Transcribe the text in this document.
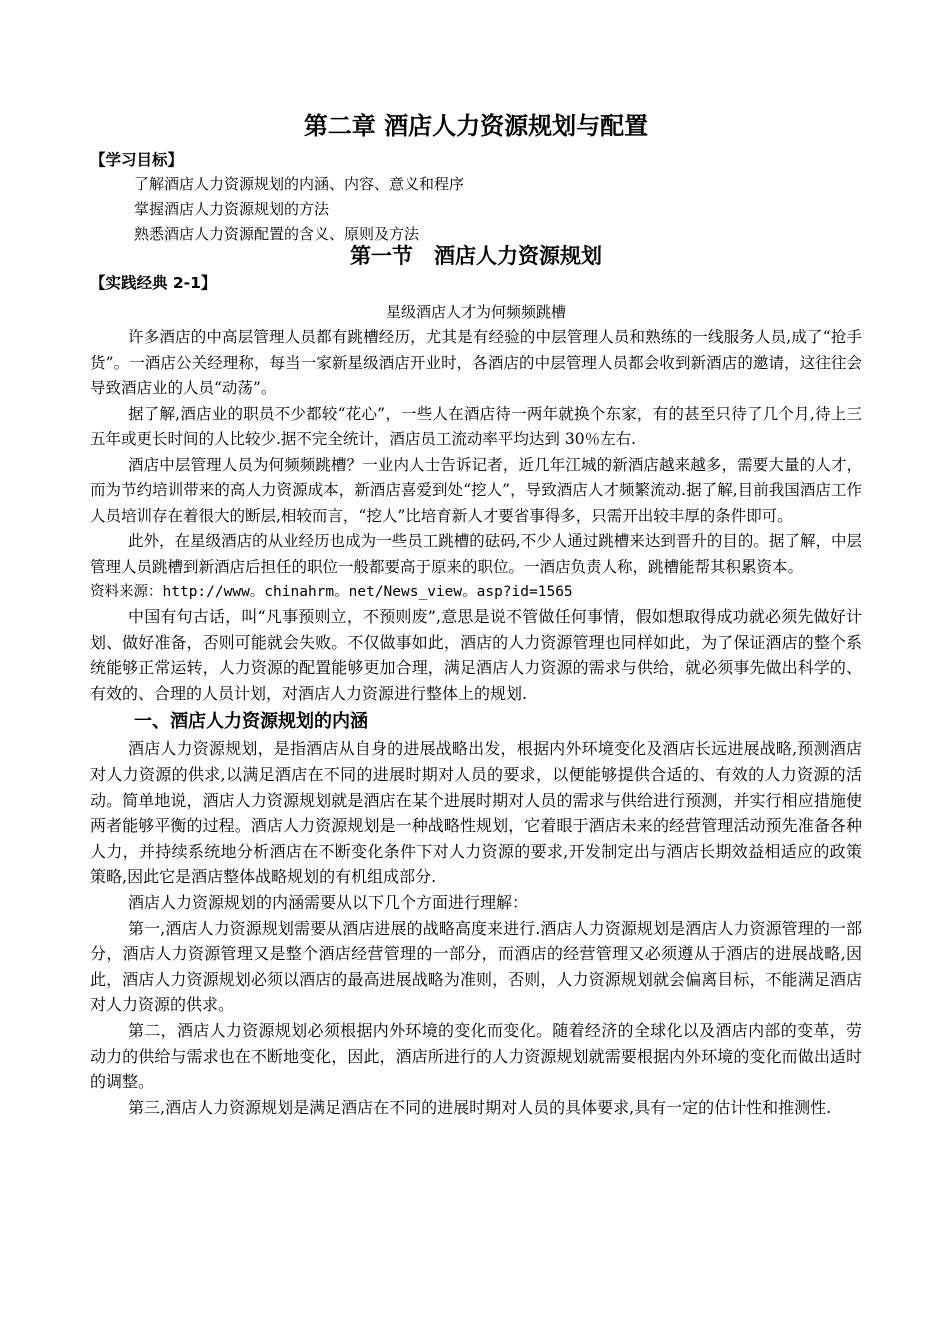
第二章 酒店人力资源规划与配置

【学习目标】

了解酒店人力资源规划的内涵、内容、意义和程序

掌握酒店人力资源规划的方法

熟悉酒店人力资源配置的含义、原则及方法

第一节　酒店人力资源规划

【实践经典 2-1】

星级酒店人才为何频频跳槽

许多酒店的中高层管理人员都有跳槽经历，尤其是有经验的中层管理人员和熟练的一线服务人员,成了“抢手货”。一酒店公关经理称，每当一家新星级酒店开业时，各酒店的中层管理人员都会收到新酒店的邀请，这往往会导致酒店业的人员“动荡”。

据了解,酒店业的职员不少都较“花心”，一些人在酒店待一两年就换个东家，有的甚至只待了几个月,待上三五年或更长时间的人比较少.据不完全统计，酒店员工流动率平均达到 30％左右.

酒店中层管理人员为何频频跳槽？一业内人士告诉记者，近几年江城的新酒店越来越多，需要大量的人才，而为节约培训带来的高人力资源成本，新酒店喜爱到处“挖人”，导致酒店人才频繁流动.据了解,目前我国酒店工作人员培训存在着很大的断层,相较而言，“挖人”比培育新人才要省事得多，只需开出较丰厚的条件即可。

此外，在星级酒店的从业经历也成为一些员工跳槽的砝码,不少人通过跳槽来达到晋升的目的。据了解，中层管理人员跳槽到新酒店后担任的职位一般都要高于原来的职位。一酒店负责人称，跳槽能帮其积累资本。

资料来源：http://www。chinahrm。net/News_view。asp?id=1565

中国有句古话，叫“凡事预则立，不预则废”,意思是说不管做任何事情，假如想取得成功就必须先做好计划、做好准备，否则可能就会失败。不仅做事如此，酒店的人力资源管理也同样如此，为了保证酒店的整个系统能够正常运转，人力资源的配置能够更加合理，满足酒店人力资源的需求与供给，就必须事先做出科学的、有效的、合理的人员计划，对酒店人力资源进行整体上的规划.

一、酒店人力资源规划的内涵

酒店人力资源规划，是指酒店从自身的进展战略出发，根据内外环境变化及酒店长远进展战略,预测酒店对人力资源的供求,以满足酒店在不同的进展时期对人员的要求，以便能够提供合适的、有效的人力资源的活动。简单地说，酒店人力资源规划就是酒店在某个进展时期对人员的需求与供给进行预测，并实行相应措施使两者能够平衡的过程。酒店人力资源规划是一种战略性规划，它着眼于酒店未来的经营管理活动预先准备各种人力，并持续系统地分析酒店在不断变化条件下对人力资源的要求,开发制定出与酒店长期效益相适应的政策策略,因此它是酒店整体战略规划的有机组成部分.

酒店人力资源规划的内涵需要从以下几个方面进行理解：

第一,酒店人力资源规划需要从酒店进展的战略高度来进行.酒店人力资源规划是酒店人力资源管理的一部分，酒店人力资源管理又是整个酒店经营管理的一部分，而酒店的经营管理又必须遵从于酒店的进展战略,因此，酒店人力资源规划必须以酒店的最高进展战略为准则，否则，人力资源规划就会偏离目标，不能满足酒店对人力资源的供求。

第二，酒店人力资源规划必须根据内外环境的变化而变化。随着经济的全球化以及酒店内部的变革，劳动力的供给与需求也在不断地变化，因此，酒店所进行的人力资源规划就需要根据内外环境的变化而做出适时的调整。

第三,酒店人力资源规划是满足酒店在不同的进展时期对人员的具体要求,具有一定的估计性和推测性.
